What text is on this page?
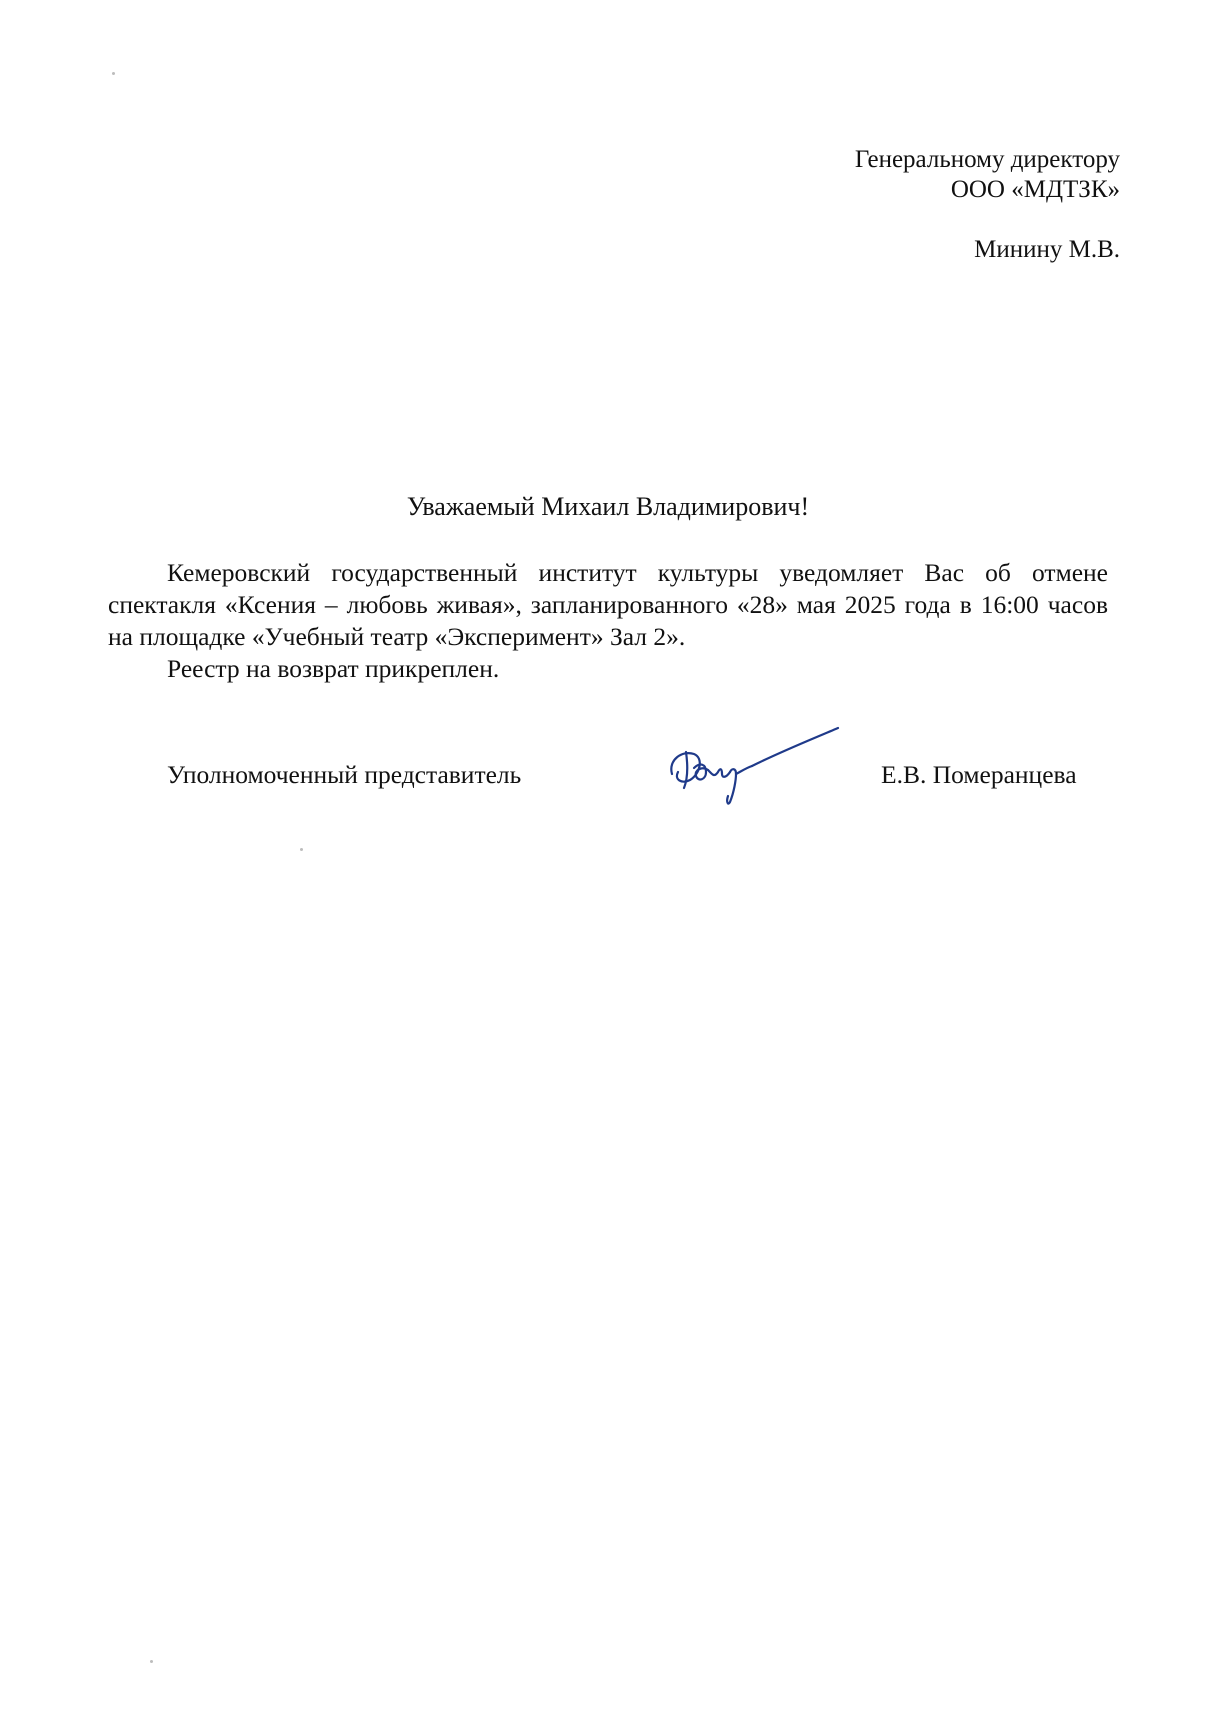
Генеральному директору
ООО «МДТЗК»
Минину М.В.
Уважаемый Михаил Владимирович!

Кемеровский государственный институт культуры уведомляет Вас об отмене спектакля «Ксения – любовь живая», запланированного «28» мая 2025 года в 16:00 часов на площадке «Учебный театр «Эксперимент» Зал 2».

Реестр на возврат прикреплен.

Уполномоченный представитель	Е.В. Померанцева
